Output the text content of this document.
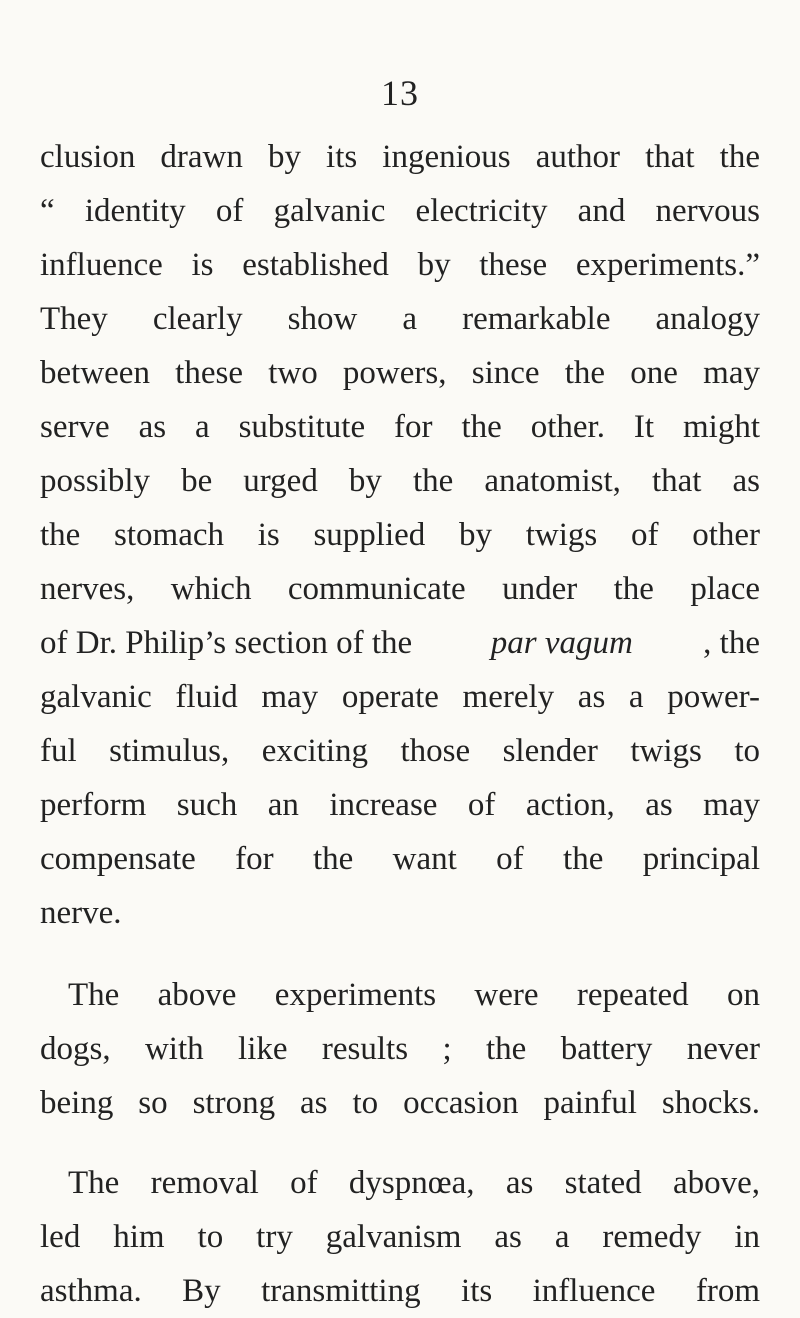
13
clusion drawn by its ingenious author that the
“ identity of galvanic electricity and nervous
influence is established by these experiments.”
They clearly show a remarkable analogy
between these two powers, since the one may
serve as a substitute for the other. It might
possibly be urged by the anatomist, that as
the stomach is supplied by twigs of other
nerves, which communicate under the place
of Dr. Philip’s section of the par vagum , the
galvanic fluid may operate merely as a power-
ful stimulus, exciting those slender twigs to
perform such an increase of action, as may
compensate for the want of the principal
nerve.
The above experiments were repeated on
dogs, with like results ; the battery never
being so strong as to occasion painful shocks.
The removal of dyspnœa, as stated above,
led him to try galvanism as a remedy in
asthma. By transmitting its influence from
